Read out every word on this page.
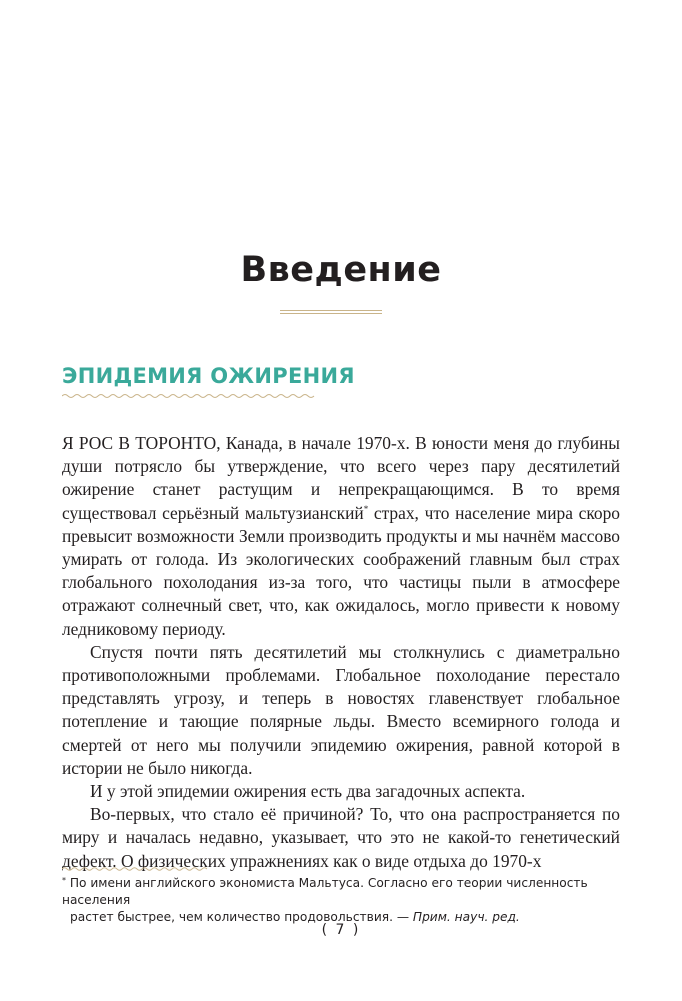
Введение
ЭПИДЕМИЯ ОЖИРЕНИЯ

Я РОС В ТОРОНТО, Канада, в начале 1970-х. В юности меня до глубины души потрясло бы утверждение, что всего через пару десятилетий ожирение станет растущим и непрекращающимся. В то время существовал серьёзный мальтузианский* страх, что население мира скоро превысит возможности Земли производить продукты и мы начнём массово умирать от голода. Из экологических соображений главным был страх глобального похолодания из-за того, что частицы пыли в атмосфере отражают солнечный свет, что, как ожидалось, могло привести к новому ледниковому периоду.

Спустя почти пять десятилетий мы столкнулись с диаметрально противоположными проблемами. Глобальное похолодание перестало представлять угрозу, и теперь в новостях главенствует глобальное потепление и тающие полярные льды. Вместо всемирного голода и смертей от него мы получили эпидемию ожирения, равной которой в истории не было никогда.

И у этой эпидемии ожирения есть два загадочных аспекта.

Во-первых, что стало её причиной? То, что она распространяется по миру и началась недавно, указывает, что это не какой-то генетический дефект. О физических упражнениях как о виде отдыха до 1970-х

* По имени английского экономиста Мальтуса. Согласно его теории численность населения
растет быстрее, чем количество продовольствия. — Прим. науч. ред.
( 7 )
